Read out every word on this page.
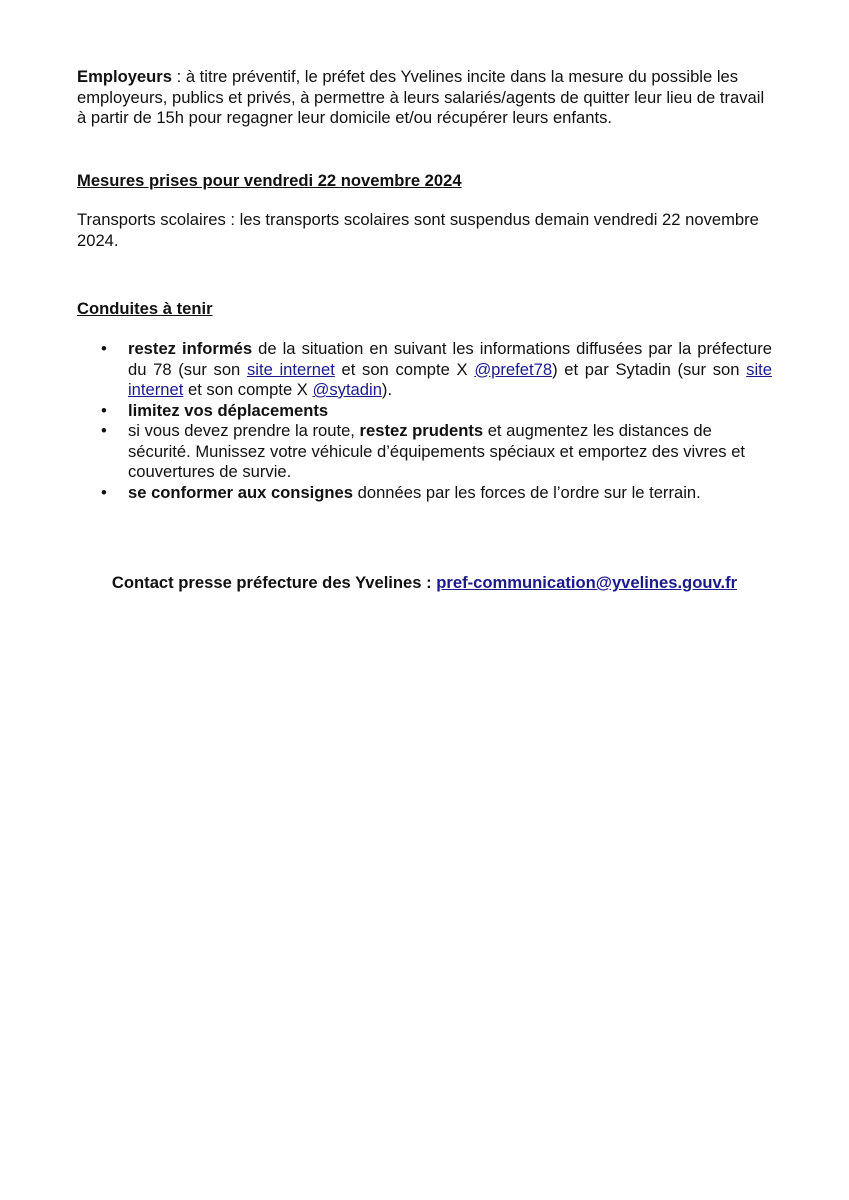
Employeurs : à titre préventif, le préfet des Yvelines incite dans la mesure du possible les employeurs, publics et privés, à permettre à leurs salariés/agents de quitter leur lieu de travail à partir de 15h pour regagner leur domicile et/ou récupérer leurs enfants.

Mesures prises pour vendredi 22 novembre 2024

Transports scolaires : les transports scolaires sont suspendus demain vendredi 22 novembre 2024.

Conduites à tenir

• restez informés de la situation en suivant les informations diffusées par la préfecture du 78 (sur son site internet et son compte X @prefet78) et par Sytadin (sur son site internet et son compte X @sytadin).
• limitez vos déplacements
• si vous devez prendre la route, restez prudents et augmentez les distances de sécurité. Munissez votre véhicule d’équipements spéciaux et emportez des vivres et couvertures de survie.
• se conformer aux consignes données par les forces de l’ordre sur le terrain.

Contact presse préfecture des Yvelines : pref-communication@yvelines.gouv.fr
